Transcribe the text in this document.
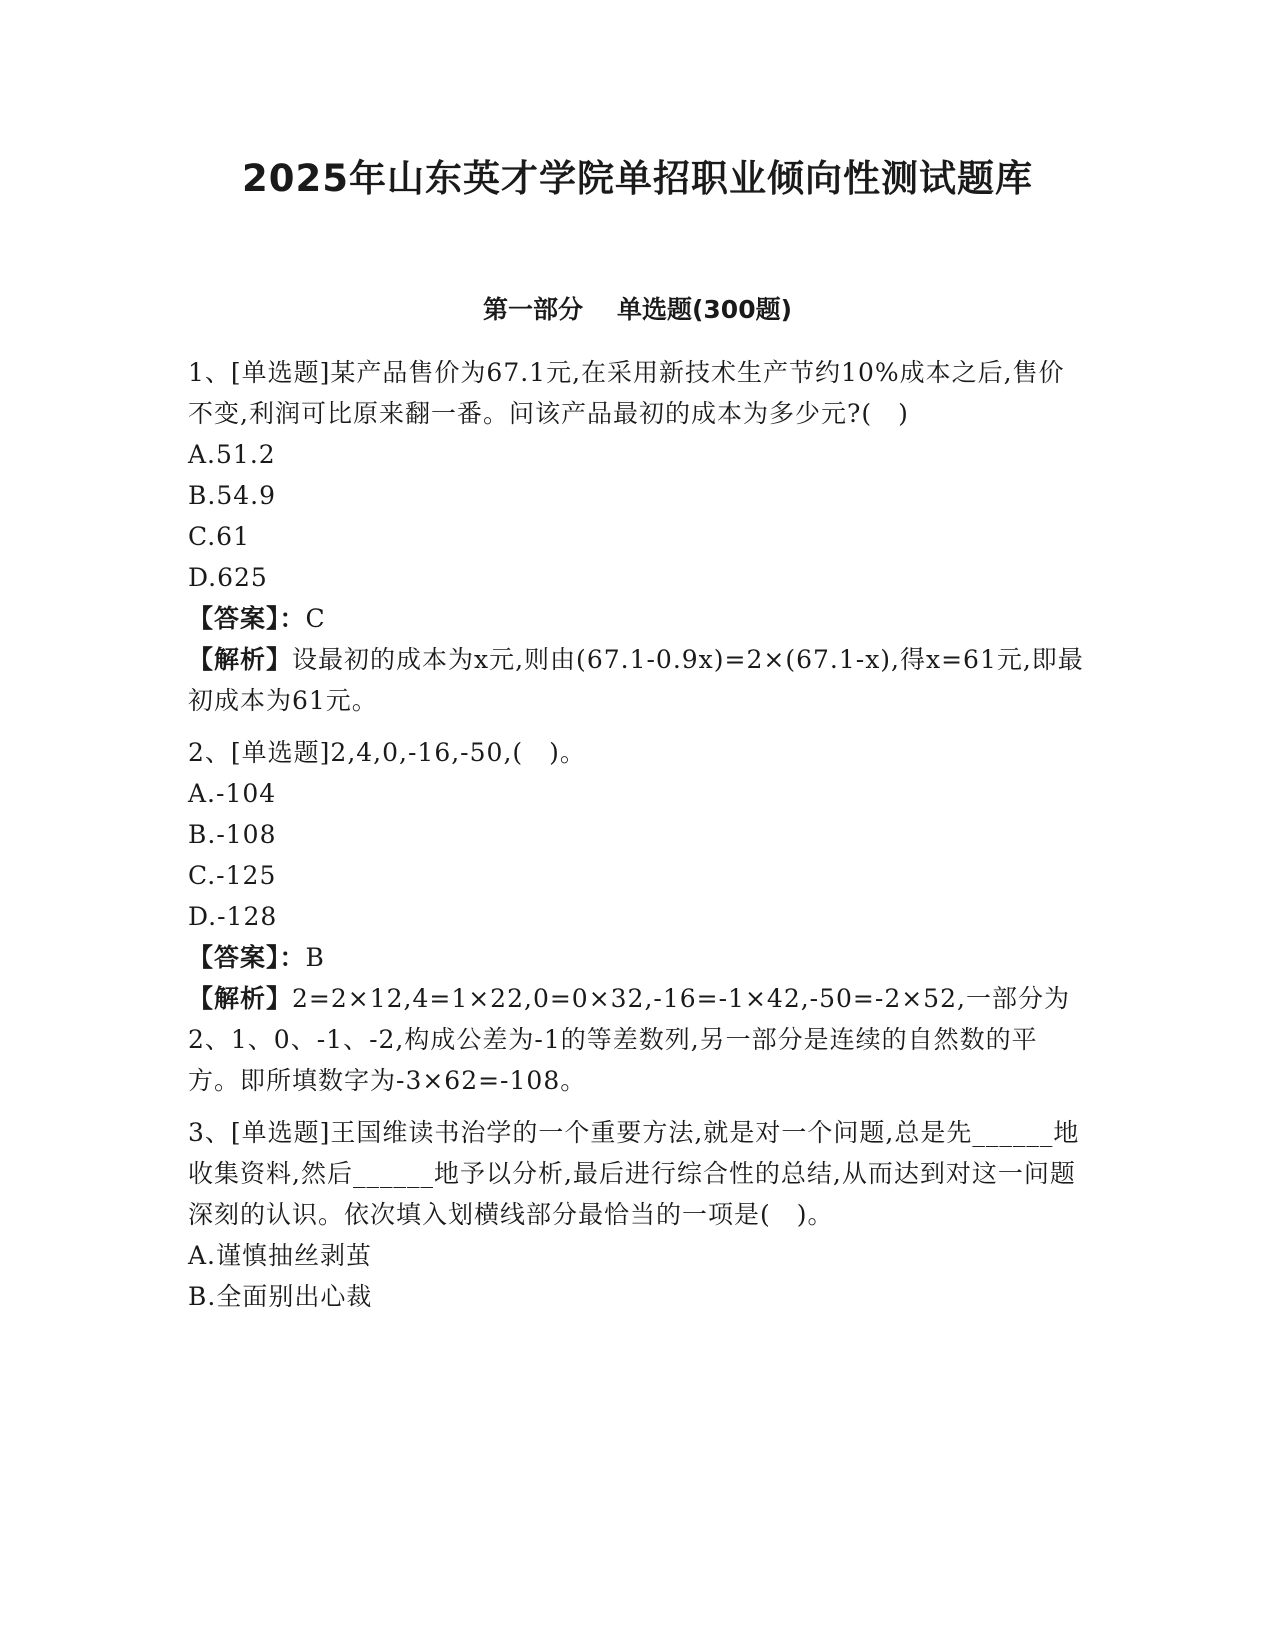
2025年山东英才学院单招职业倾向性测试题库
第一部分 单选题(300题)

1、[单选题]某产品售价为67.1元,在采用新技术生产节约10%成本之后,售价不变,利润可比原来翻一番。问该产品最初的成本为多少元?(　)

A.51.2

B.54.9

C.61

D.625

【答案】：C

【解析】设最初的成本为x元,则由(67.1-0.9x)=2×(67.1-x),得x=61元,即最初成本为61元。

2、[单选题]2,4,0,-16,-50,(　)。

A.-104

B.-108

C.-125

D.-128

【答案】：B

【解析】2=2×12,4=1×22,0=0×32,-16=-1×42,-50=-2×52,一部分为2、1、0、-1、-2,构成公差为-1的等差数列,另一部分是连续的自然数的平方。即所填数字为-3×62=-108。

3、[单选题]王国维读书治学的一个重要方法,就是对一个问题,总是先______地收集资料,然后______地予以分析,最后进行综合性的总结,从而达到对这一问题深刻的认识。依次填入划横线部分最恰当的一项是(　)。

A.谨慎抽丝剥茧

B.全面别出心裁
